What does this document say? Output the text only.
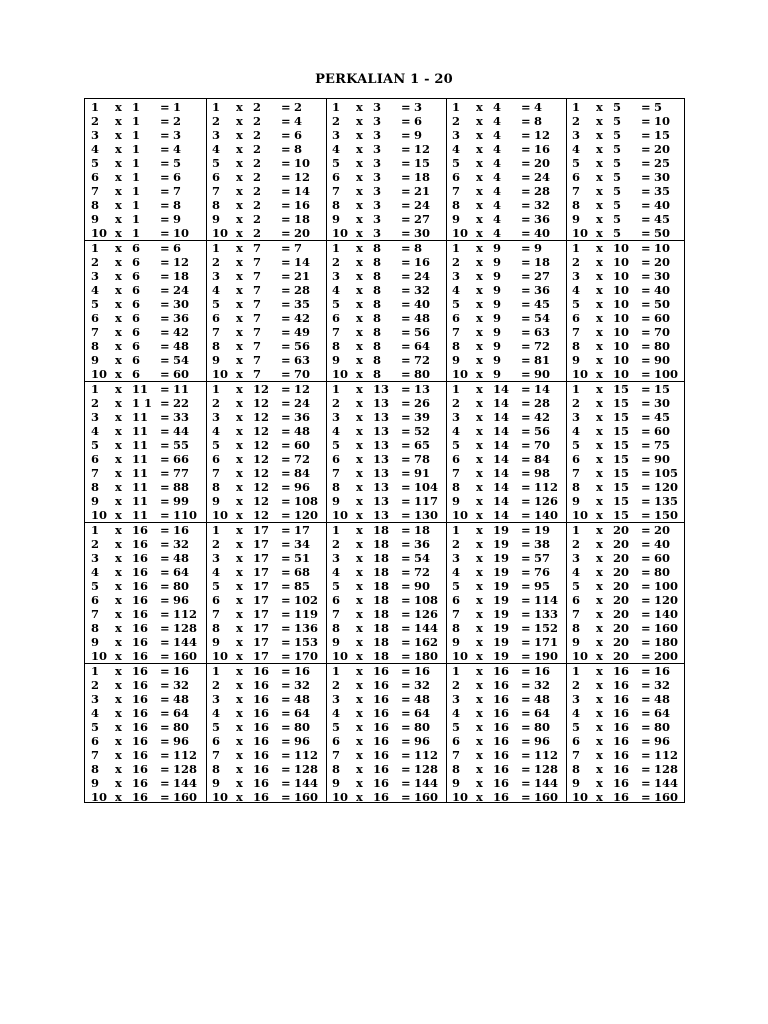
PERKALIAN 1 - 20
1 x 1 = 1
2 x 1 = 2
3 x 1 = 3
4 x 1 = 4
5 x 1 = 5
6 x 1 = 6
7 x 1 = 7
8 x 1 = 8
9 x 1 = 9
10 x 1 = 10
1 x 2 = 2
2 x 2 = 4
3 x 2 = 6
4 x 2 = 8
5 x 2 = 10
6 x 2 = 12
7 x 2 = 14
8 x 2 = 16
9 x 2 = 18
10 x 2 = 20
1 x 3 = 3
2 x 3 = 6
3 x 3 = 9
4 x 3 = 12
5 x 3 = 15
6 x 3 = 18
7 x 3 = 21
8 x 3 = 24
9 x 3 = 27
10 x 3 = 30
1 x 4 = 4
2 x 4 = 8
3 x 4 = 12
4 x 4 = 16
5 x 4 = 20
6 x 4 = 24
7 x 4 = 28
8 x 4 = 32
9 x 4 = 36
10 x 4 = 40
1 x 5 = 5
2 x 5 = 10
3 x 5 = 15
4 x 5 = 20
5 x 5 = 25
6 x 5 = 30
7 x 5 = 35
8 x 5 = 40
9 x 5 = 45
10 x 5 = 50
1 x 6 = 6
2 x 6 = 12
3 x 6 = 18
4 x 6 = 24
5 x 6 = 30
6 x 6 = 36
7 x 6 = 42
8 x 6 = 48
9 x 6 = 54
10 x 6 = 60
1 x 7 = 7
2 x 7 = 14
3 x 7 = 21
4 x 7 = 28
5 x 7 = 35
6 x 7 = 42
7 x 7 = 49
8 x 7 = 56
9 x 7 = 63
10 x 7 = 70
1 x 8 = 8
2 x 8 = 16
3 x 8 = 24
4 x 8 = 32
5 x 8 = 40
6 x 8 = 48
7 x 8 = 56
8 x 8 = 64
9 x 8 = 72
10 x 8 = 80
1 x 9 = 9
2 x 9 = 18
3 x 9 = 27
4 x 9 = 36
5 x 9 = 45
6 x 9 = 54
7 x 9 = 63
8 x 9 = 72
9 x 9 = 81
10 x 9 = 90
1 x 10 = 10
2 x 10 = 20
3 x 10 = 30
4 x 10 = 40
5 x 10 = 50
6 x 10 = 60
7 x 10 = 70
8 x 10 = 80
9 x 10 = 90
10 x 10 = 100
1 x 11 = 11
2 x 1 1 = 22
3 x 11 = 33
4 x 11 = 44
5 x 11 = 55
6 x 11 = 66
7 x 11 = 77
8 x 11 = 88
9 x 11 = 99
10 x 11 = 110
1 x 12 = 12
2 x 12 = 24
3 x 12 = 36
4 x 12 = 48
5 x 12 = 60
6 x 12 = 72
7 x 12 = 84
8 x 12 = 96
9 x 12 = 108
10 x 12 = 120
1 x 13 = 13
2 x 13 = 26
3 x 13 = 39
4 x 13 = 52
5 x 13 = 65
6 x 13 = 78
7 x 13 = 91
8 x 13 = 104
9 x 13 = 117
10 x 13 = 130
1 x 14 = 14
2 x 14 = 28
3 x 14 = 42
4 x 14 = 56
5 x 14 = 70
6 x 14 = 84
7 x 14 = 98
8 x 14 = 112
9 x 14 = 126
10 x 14 = 140
1 x 15 = 15
2 x 15 = 30
3 x 15 = 45
4 x 15 = 60
5 x 15 = 75
6 x 15 = 90
7 x 15 = 105
8 x 15 = 120
9 x 15 = 135
10 x 15 = 150
1 x 16 = 16
2 x 16 = 32
3 x 16 = 48
4 x 16 = 64
5 x 16 = 80
6 x 16 = 96
7 x 16 = 112
8 x 16 = 128
9 x 16 = 144
10 x 16 = 160
1 x 17 = 17
2 x 17 = 34
3 x 17 = 51
4 x 17 = 68
5 x 17 = 85
6 x 17 = 102
7 x 17 = 119
8 x 17 = 136
9 x 17 = 153
10 x 17 = 170
1 x 18 = 18
2 x 18 = 36
3 x 18 = 54
4 x 18 = 72
5 x 18 = 90
6 x 18 = 108
7 x 18 = 126
8 x 18 = 144
9 x 18 = 162
10 x 18 = 180
1 x 19 = 19
2 x 19 = 38
3 x 19 = 57
4 x 19 = 76
5 x 19 = 95
6 x 19 = 114
7 x 19 = 133
8 x 19 = 152
9 x 19 = 171
10 x 19 = 190
1 x 20 = 20
2 x 20 = 40
3 x 20 = 60
4 x 20 = 80
5 x 20 = 100
6 x 20 = 120
7 x 20 = 140
8 x 20 = 160
9 x 20 = 180
10 x 20 = 200
1 x 16 = 16
2 x 16 = 32
3 x 16 = 48
4 x 16 = 64
5 x 16 = 80
6 x 16 = 96
7 x 16 = 112
8 x 16 = 128
9 x 16 = 144
10 x 16 = 160
1 x 16 = 16
2 x 16 = 32
3 x 16 = 48
4 x 16 = 64
5 x 16 = 80
6 x 16 = 96
7 x 16 = 112
8 x 16 = 128
9 x 16 = 144
10 x 16 = 160
1 x 16 = 16
2 x 16 = 32
3 x 16 = 48
4 x 16 = 64
5 x 16 = 80
6 x 16 = 96
7 x 16 = 112
8 x 16 = 128
9 x 16 = 144
10 x 16 = 160
1 x 16 = 16
2 x 16 = 32
3 x 16 = 48
4 x 16 = 64
5 x 16 = 80
6 x 16 = 96
7 x 16 = 112
8 x 16 = 128
9 x 16 = 144
10 x 16 = 160
1 x 16 = 16
2 x 16 = 32
3 x 16 = 48
4 x 16 = 64
5 x 16 = 80
6 x 16 = 96
7 x 16 = 112
8 x 16 = 128
9 x 16 = 144
10 x 16 = 160
